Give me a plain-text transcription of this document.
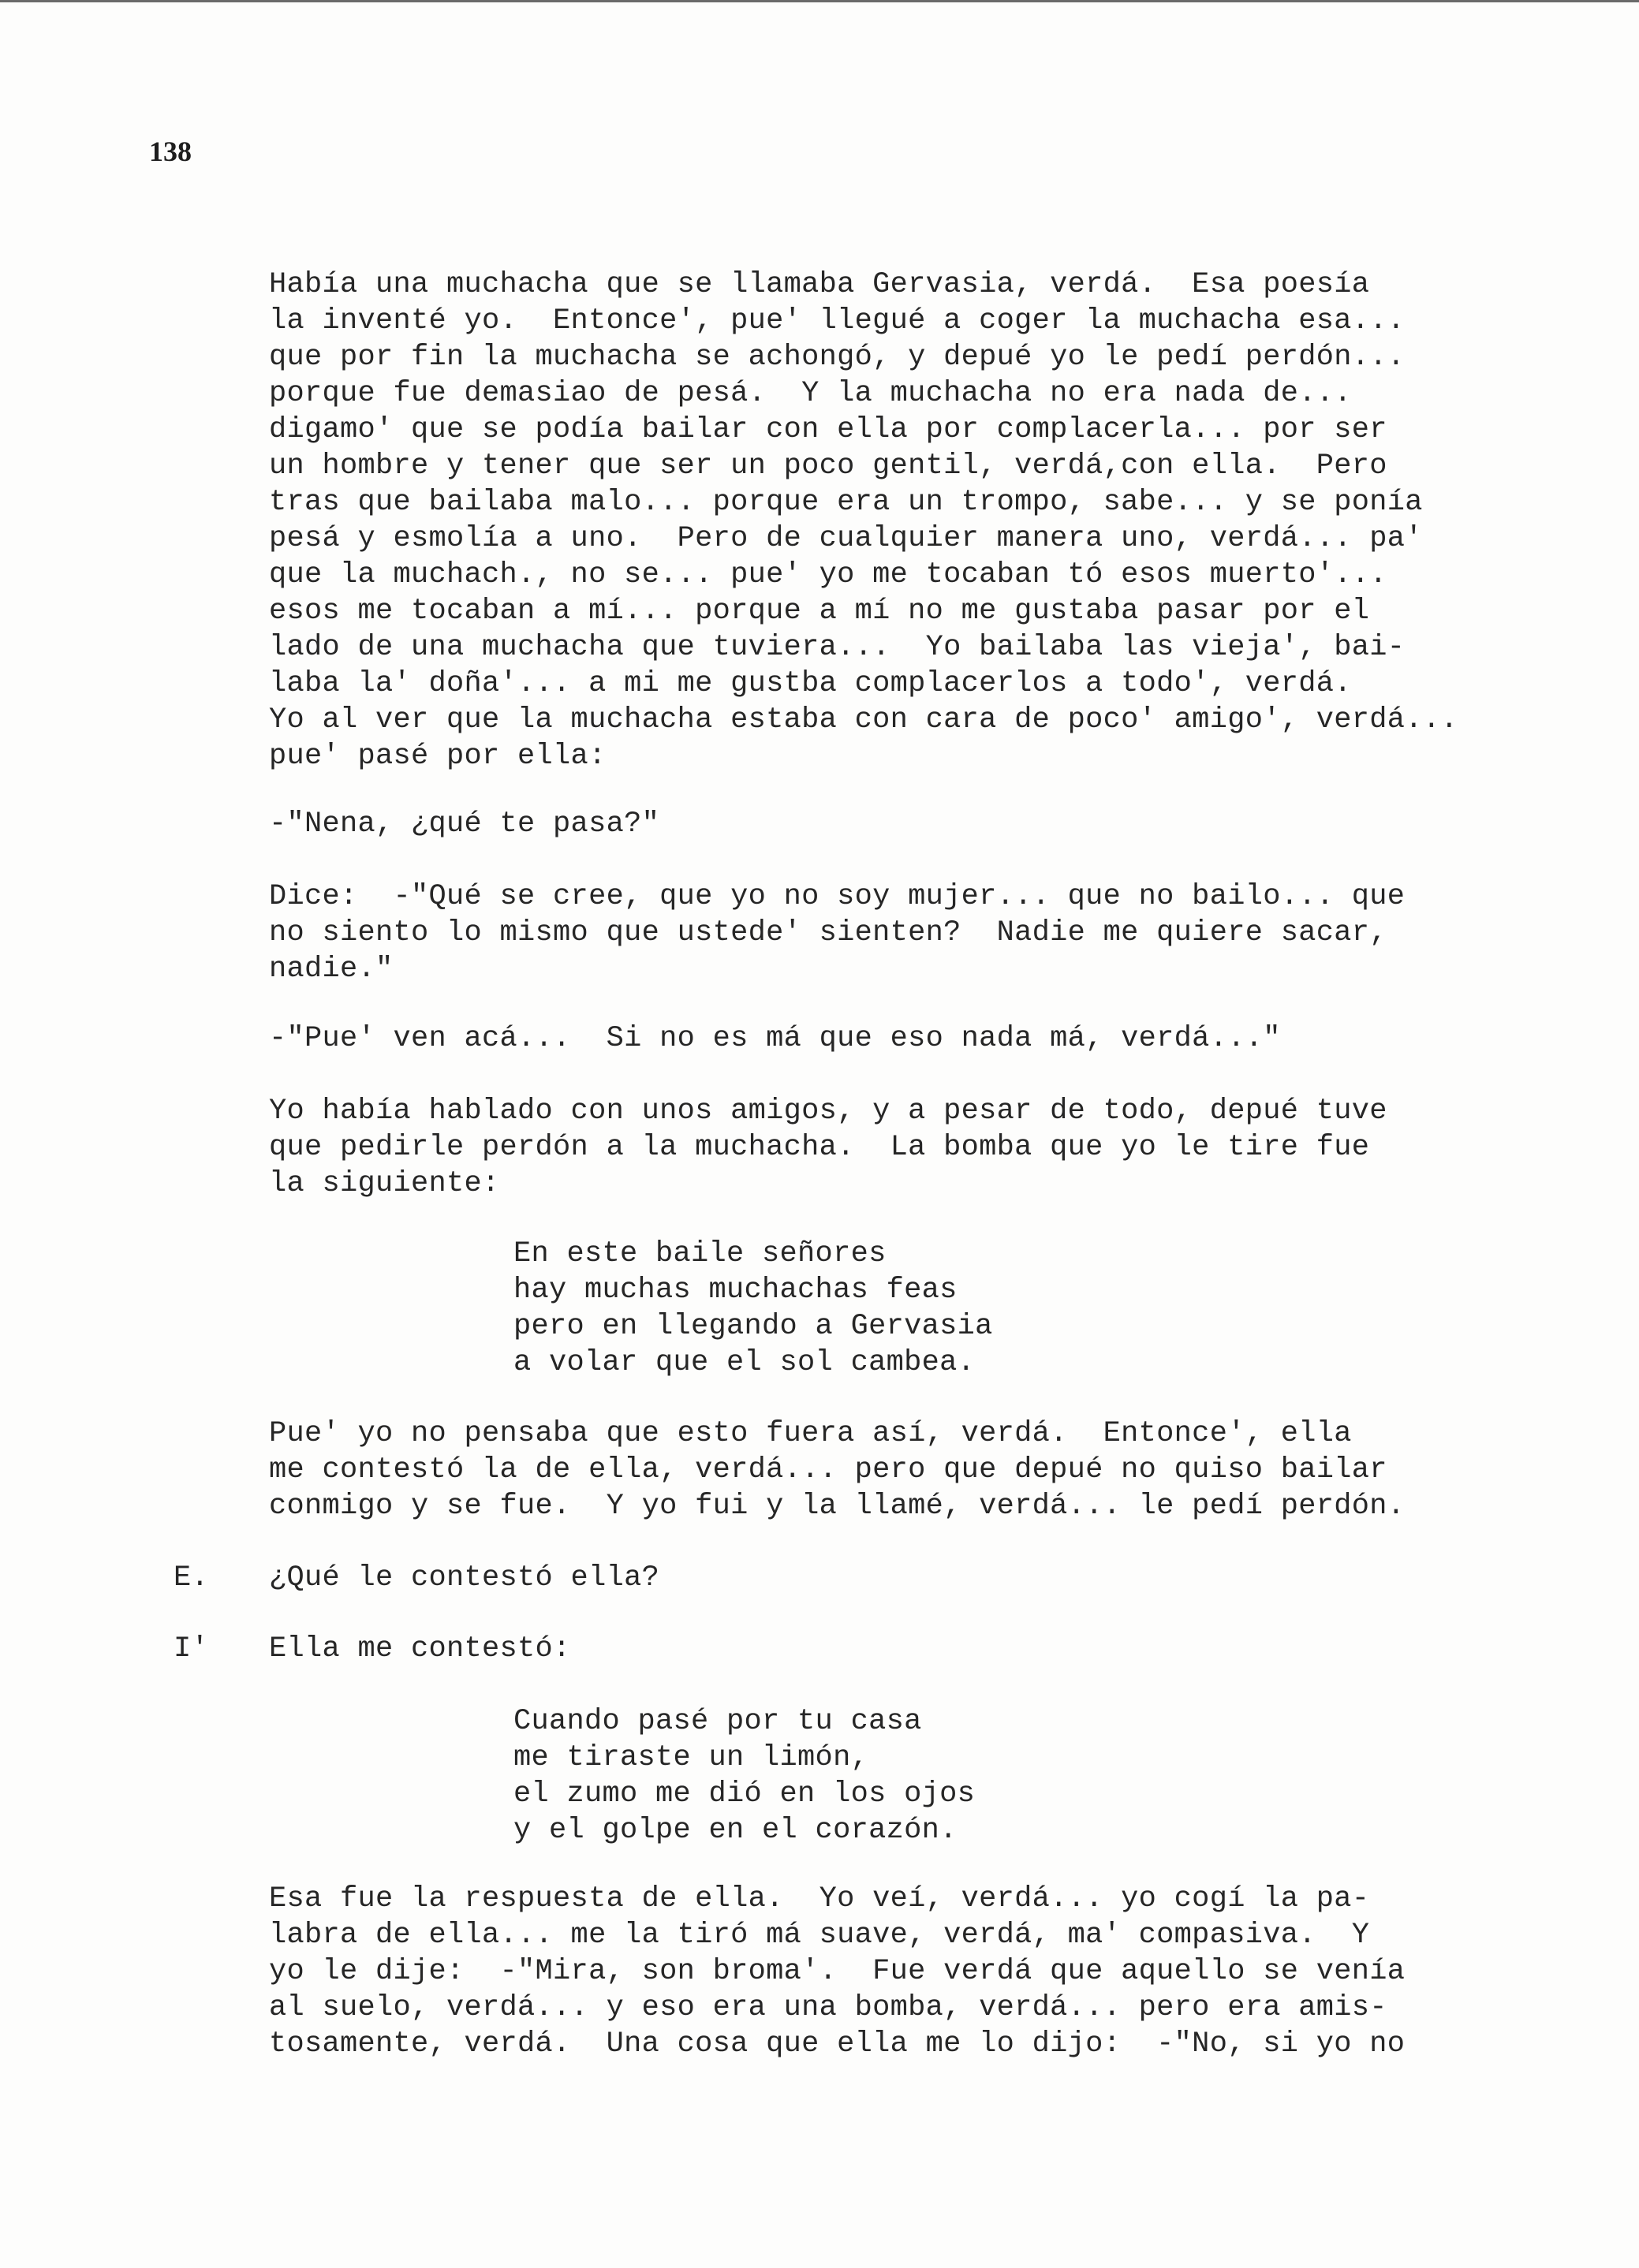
138
Había una muchacha que se llamaba Gervasia, verdá.  Esa poesía
la inventé yo.  Entonce', pue' llegué a coger la muchacha esa...
que por fin la muchacha se achongó, y depué yo le pedí perdón...
porque fue demasiao de pesá.  Y la muchacha no era nada de...
digamo' que se podía bailar con ella por complacerla... por ser
un hombre y tener que ser un poco gentil, verdá,con ella.  Pero
tras que bailaba malo... porque era un trompo, sabe... y se ponía
pesá y esmolía a uno.  Pero de cualquier manera uno, verdá... pa'
que la muchach., no se... pue' yo me tocaban tó esos muerto'...
esos me tocaban a mí... porque a mí no me gustaba pasar por el
lado de una muchacha que tuviera...  Yo bailaba las vieja', bai-
laba la' doña'... a mi me gustba complacerlos a todo', verdá.
Yo al ver que la muchacha estaba con cara de poco' amigo', verdá...
pue' pasé por ella:
-"Nena, ¿qué te pasa?"
Dice:  -"Qué se cree, que yo no soy mujer... que no bailo... que
no siento lo mismo que ustede' sienten?  Nadie me quiere sacar,
nadie."
-"Pue' ven acá...  Si no es má que eso nada má, verdá..."
Yo había hablado con unos amigos, y a pesar de todo, depué tuve
que pedirle perdón a la muchacha.  La bomba que yo le tire fue
la siguiente:
En este baile señores
hay muchas muchachas feas
pero en llegando a Gervasia
a volar que el sol cambea.
Pue' yo no pensaba que esto fuera así, verdá.  Entonce', ella
me contestó la de ella, verdá... pero que depué no quiso bailar
conmigo y se fue.  Y yo fui y la llamé, verdá... le pedí perdón.
E. ¿Qué le contestó ella?
I' Ella me contestó:
Cuando pasé por tu casa
me tiraste un limón,
el zumo me dió en los ojos
y el golpe en el corazón.
Esa fue la respuesta de ella.  Yo veí, verdá... yo cogí la pa-
labra de ella... me la tiró má suave, verdá, ma' compasiva.  Y
yo le dije:  -"Mira, son broma'.  Fue verdá que aquello se venía
al suelo, verdá... y eso era una bomba, verdá... pero era amis-
tosamente, verdá.  Una cosa que ella me lo dijo:  -"No, si yo no
